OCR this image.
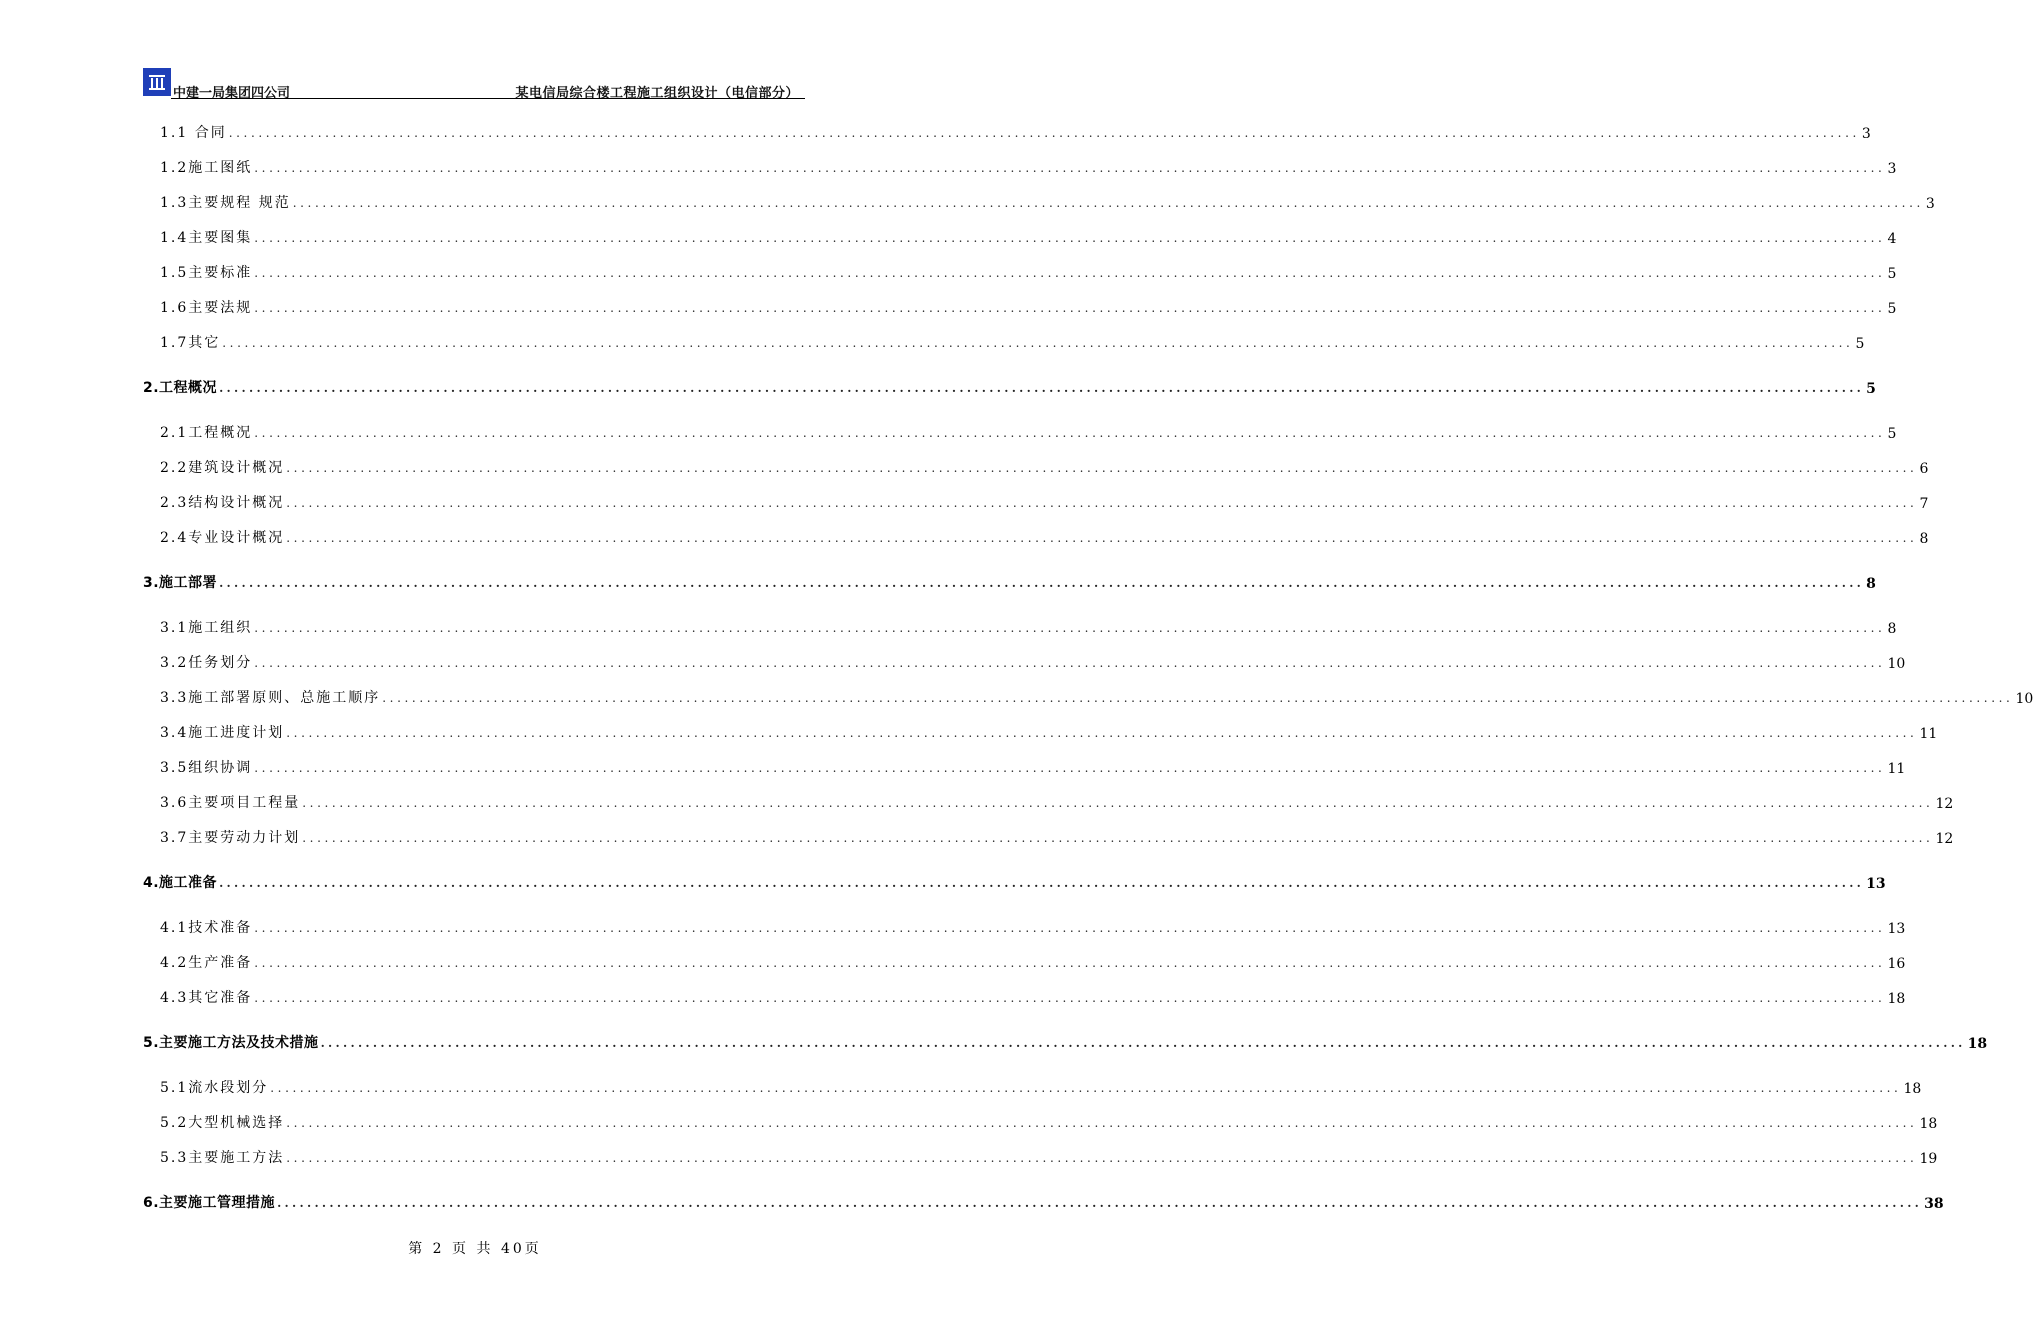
中建一局集团四公司	某电信局综合楼工程施工组织设计（电信部分）
1.1 合同 ............................................................................................................................................................................................................................ 3
1.2施工图纸 ............................................................................................................................................................................................................................ 3
1.3主要规程 规范 ............................................................................................................................................................................................................................ 3
1.4主要图集 ............................................................................................................................................................................................................................ 4
1.5主要标准 ............................................................................................................................................................................................................................ 5
1.6主要法规 ............................................................................................................................................................................................................................ 5
1.7其它 ............................................................................................................................................................................................................................ 5
2.工程概况 ............................................................................................................................................................................................................................ 5
2.1工程概况 ............................................................................................................................................................................................................................ 5
2.2建筑设计概况 ............................................................................................................................................................................................................................ 6
2.3结构设计概况 ............................................................................................................................................................................................................................ 7
2.4专业设计概况 ............................................................................................................................................................................................................................ 8
3.施工部署 ............................................................................................................................................................................................................................ 8
3.1施工组织 ............................................................................................................................................................................................................................ 8
3.2任务划分 ............................................................................................................................................................................................................................ 10
3.3施工部署原则、总施工顺序 ............................................................................................................................................................................................................................ 10
3.4施工进度计划 ............................................................................................................................................................................................................................ 11
3.5组织协调 ............................................................................................................................................................................................................................ 11
3.6主要项目工程量 ............................................................................................................................................................................................................................ 12
3.7主要劳动力计划 ............................................................................................................................................................................................................................ 12
4.施工准备 ............................................................................................................................................................................................................................ 13
4.1技术准备 ............................................................................................................................................................................................................................ 13
4.2生产准备 ............................................................................................................................................................................................................................ 16
4.3其它准备 ............................................................................................................................................................................................................................ 18
5.主要施工方法及技术措施 ............................................................................................................................................................................................................................ 18
5.1流水段划分 ............................................................................................................................................................................................................................ 18
5.2大型机械选择 ............................................................................................................................................................................................................................ 18
5.3主要施工方法 ............................................................................................................................................................................................................................ 19
6.主要施工管理措施 ............................................................................................................................................................................................................................ 38
第 2 页 共 40页
